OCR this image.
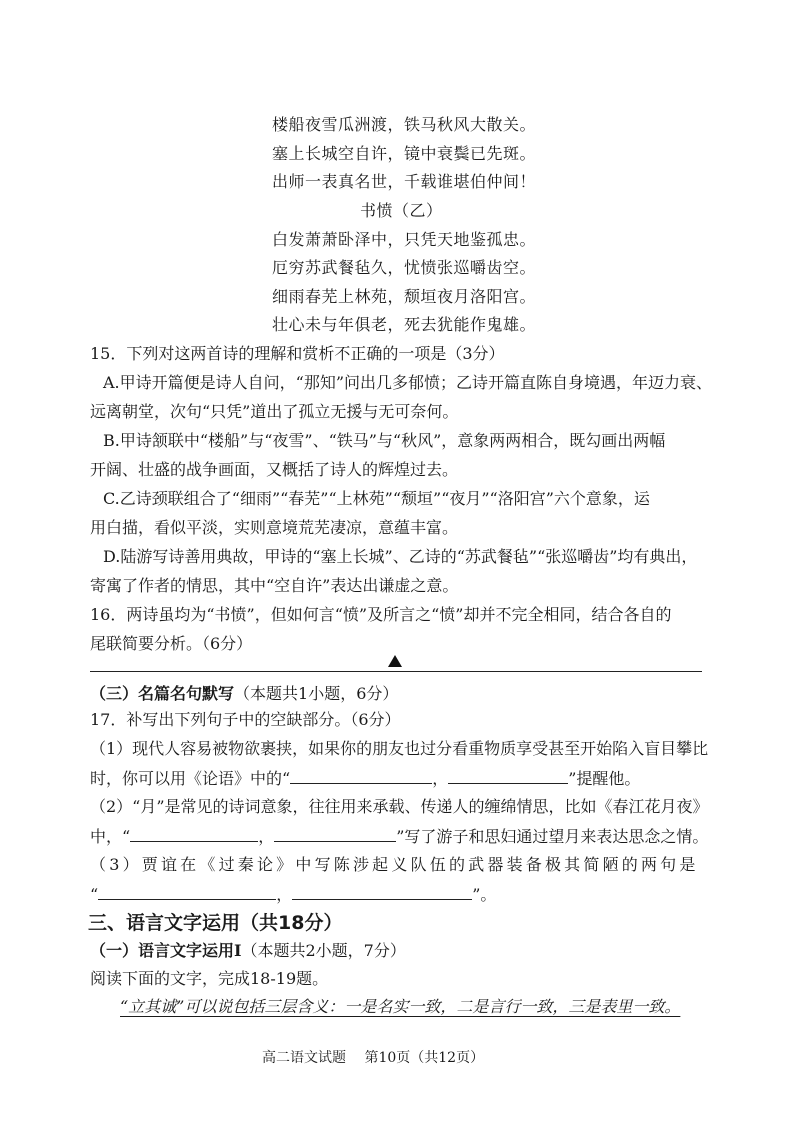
楼船夜雪瓜洲渡，铁马秋风大散关。
塞上长城空自许，镜中衰鬓已先斑。
出师一表真名世，千载谁堪伯仲间！
书愤（乙）
白发萧萧卧泽中，只凭天地鉴孤忠。
厄穷苏武餐毡久，忧愤张巡嚼齿空。
细雨春芜上林苑，颓垣夜月洛阳宫。
壮心未与年俱老，死去犹能作鬼雄。
15．下列对这两首诗的理解和赏析不正确的一项是（3分）
A.甲诗开篇便是诗人自问，“那知”问出几多郁愤；乙诗开篇直陈自身境遇，年迈力衰、
远离朝堂，次句“只凭”道出了孤立无援与无可奈何。
B.甲诗颔联中“楼船”与“夜雪”、“铁马”与“秋风”，意象两两相合，既勾画出两幅
开阔、壮盛的战争画面，又概括了诗人的辉煌过去。
C.乙诗颈联组合了“细雨”“春芜”“上林苑”“颓垣”“夜月”“洛阳宫”六个意象，运
用白描，看似平淡，实则意境荒芜凄凉，意蕴丰富。
D.陆游写诗善用典故，甲诗的“塞上长城”、乙诗的“苏武餐毡”“张巡嚼齿”均有典出，
寄寓了作者的情思，其中“空自许”表达出谦虚之意。
16．两诗虽均为“书愤”，但如何言“愤”及所言之“愤”却并不完全相同，结合各自的
尾联简要分析。（6分）
（三）名篇名句默写（本题共1小题，6分）
17．补写出下列句子中的空缺部分。（6分）
（1）现代人容易被物欲裹挟，如果你的朋友也过分看重物质享受甚至开始陷入盲目攀比
时，你可以用《论语》中的“	，	”提醒他。
（2）“月”是常见的诗词意象，往往用来承载、传递人的缠绵情思，比如《春江花月夜》
中，“	，	”写了游子和思妇通过望月来表达思念之情。
（3）贾谊在《过秦论》中写陈涉起义队伍的武器装备极其简陋的两句是
“	，	”。
三、语言文字运用（共18分）
（一）语言文字运用Ⅰ（本题共2小题，7分）
阅读下面的文字，完成18-19题。
“立其诚”可以说包括三层含义：一是名实一致，二是言行一致，三是表里一致。
高二语文试题　 第10页（共12页）
